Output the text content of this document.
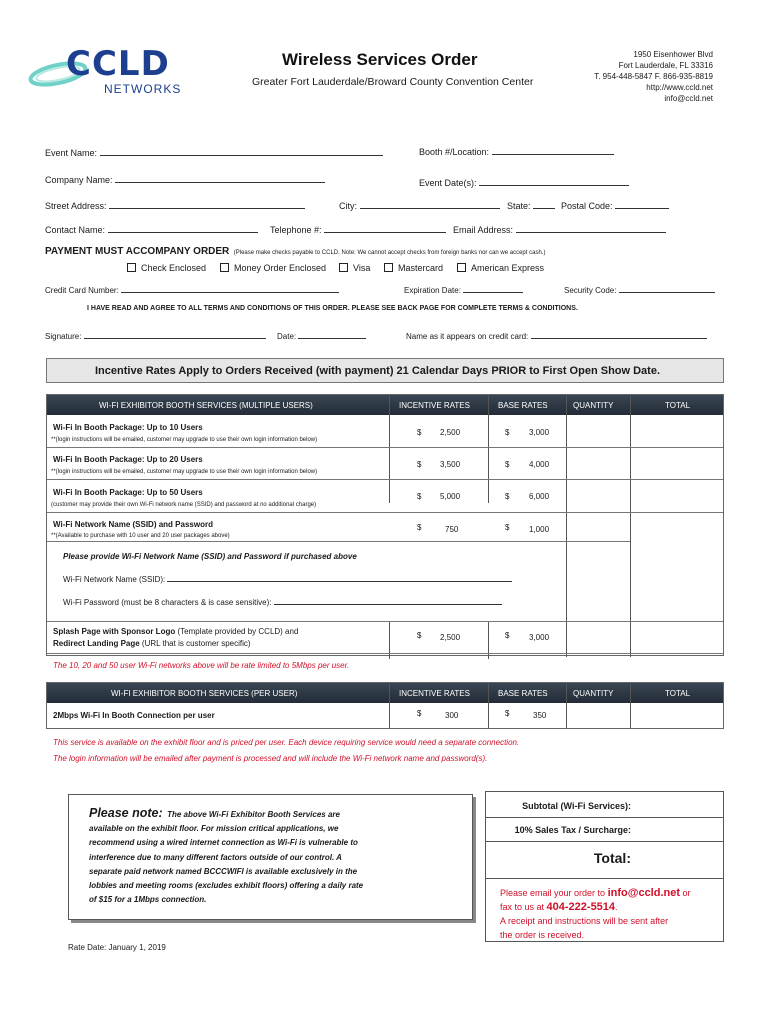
CCLD
NETWORKS
Wireless Services Order
Greater Fort Lauderdale/Broward County Convention Center
1950 Eisenhower Blvd
Fort Lauderdale, FL 33316
T. 954-448-5847 F. 866-935-8819
http://www.ccld.net
info@ccld.net
Event Name:	Booth #/Location:
Company Name:	Event Date(s):
Street Address:	City:	State:	Postal Code:
Contact Name:	Telephone #:	Email Address:
PAYMENT MUST ACCOMPANY ORDER (Please make checks payable to CCLD. Note: We cannot accept checks from foreign banks nor can we accept cash.)
Check Enclosed	Money Order Enclosed	Visa	Mastercard	American Express
Credit Card Number:	Expiration Date:	Security Code:
I HAVE READ AND AGREE TO ALL TERMS AND CONDITIONS OF THIS ORDER. PLEASE SEE BACK PAGE FOR COMPLETE TERMS & CONDITIONS.
Signature:	Date:	Name as it appears on credit card:
Incentive Rates Apply to Orders Received (with payment) 21 Calendar Days PRIOR to First Open Show Date.
WI-FI EXHIBITOR BOOTH SERVICES (MULTIPLE USERS)	INCENTIVE RATES	BASE RATES	QUANTITY	TOTAL
Wi-Fi In Booth Package: Up to 10 Users
**(login instructions will be emailed, customer may upgrade to use their own login information below)
$ 2,500	$ 3,000
Wi-Fi In Booth Package: Up to 20 Users
**(login instructions will be emailed, customer may upgrade to use their own login information below)
$ 3,500	$ 4,000
Wi-Fi In Booth Package: Up to 50 Users
(customer may provide their own Wi-Fi network name (SSID) and password at no additional charge)
$ 5,000	$ 6,000
Wi-Fi Network Name (SSID) and Password
**(Available to purchase with 10 user and 20 user packages above)
$	750	$ 1,000
Please provide Wi-Fi Network Name (SSID) and Password if purchased above
Wi-Fi Network Name (SSID):
Wi-Fi Password (must be 8 characters & is case sensitive):
Splash Page with Sponsor Logo (Template provided by CCLD) and
Redirect Landing Page (URL that is customer specific)
$ 2,500	$ 3,000
The 10, 20 and 50 user Wi-Fi networks above will be rate limited to 5Mbps per user.
WI-FI EXHIBITOR BOOTH SERVICES (PER USER)	INCENTIVE RATES	BASE RATES	QUANTITY	TOTAL
2Mbps Wi-Fi In Booth Connection per user	$	300	$	350
This service is available on the exhibit floor and is priced per user. Each device requiring service would need a separate connection.
The login information will be emailed after payment is processed and will include the Wi-Fi network name and password(s).
Please note: The above Wi-Fi Exhibitor Booth Services are available on the exhibit floor. For mission critical applications, we recommend using a wired internet connection as Wi-Fi is vulnerable to interference due to many different factors outside of our control. A separate paid network named BCCCWIFI is available exclusively in the lobbies and meeting rooms (excludes exhibit floors) offering a daily rate of $15 for a 1Mbps connection.
Rate Date: January 1, 2019
Subtotal (Wi-Fi Services):
10% Sales Tax / Surcharge:
Total:
Please email your order to info@ccld.net or
fax to us at 404-222-5514.
A receipt and instructions will be sent after
the order is received.
